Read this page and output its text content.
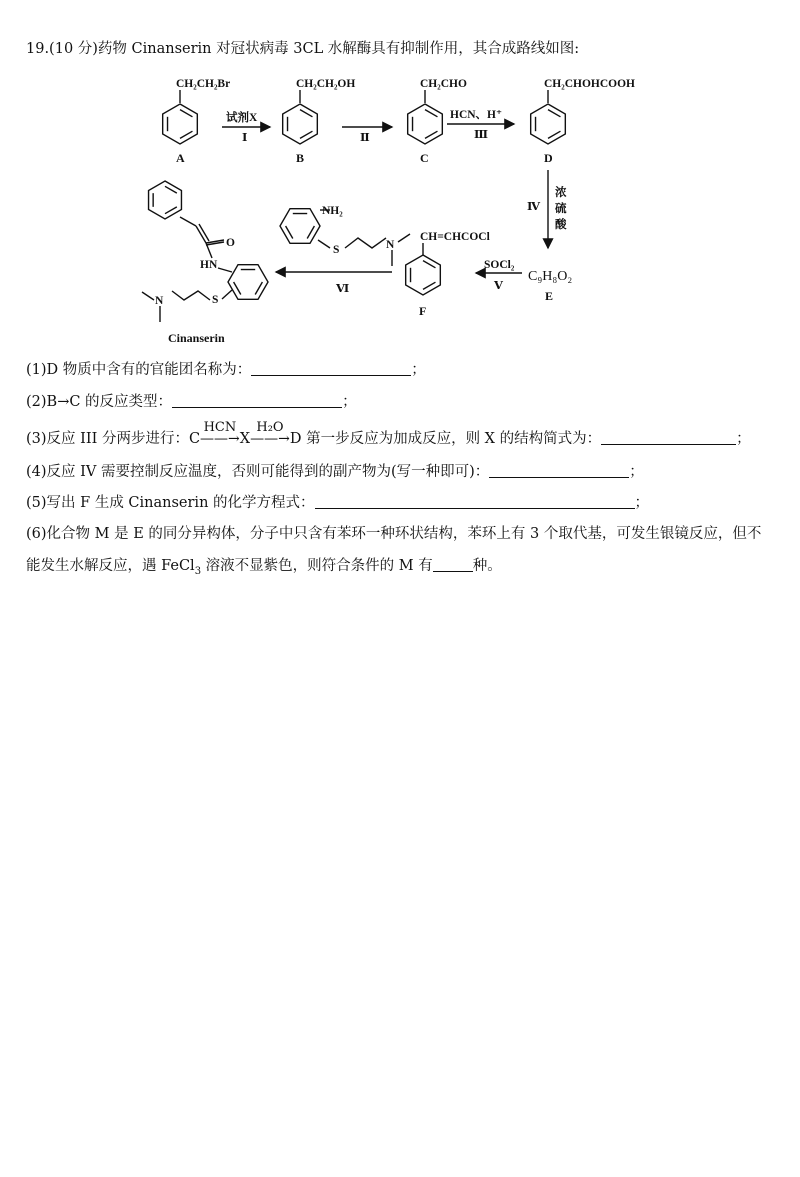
19.(10 分)药物 Cinanserin 对冠状病毒 3CL 水解酶具有抑制作用，其合成路线如图:
CH₂CH₂Br	CH₂CH₂OH	CH₂CHO	CH₂CHOHCOOH
CH=CHCOCl
A	B	C	D
E
F
C₉H₈O₂
NH₂
S	N
O
HN
S
N
Cinanserin
试剂X
Ⅰ	Ⅱ
HCN、H⁺
Ⅲ
Ⅳ
浓
硫
酸
SOCl₂
Ⅴ
Ⅵ
(1)D 物质中含有的官能团名称为：	；
(2)B→C 的反应类型：	；
(3)反应 III 分两步进行：C
HCN
——→ X
H₂O
——→ D 第一步反应为加成反应，则 X 的结构简式为：	；
(4)反应 IV 需要控制反应温度，否则可能得到的副产物为(写一种即可)：	；
(5)写出 F 生成 Cinanserin 的化学方程式：	；
(6)化合物 M 是 E 的同分异构体，分子中只含有苯环一种环状结构，苯环上有 3 个取代基，可发生银镜反应，但不能发生水解反应，遇 FeCl$_3$ 溶液不显紫色，则符合条件的 M 有	种。
